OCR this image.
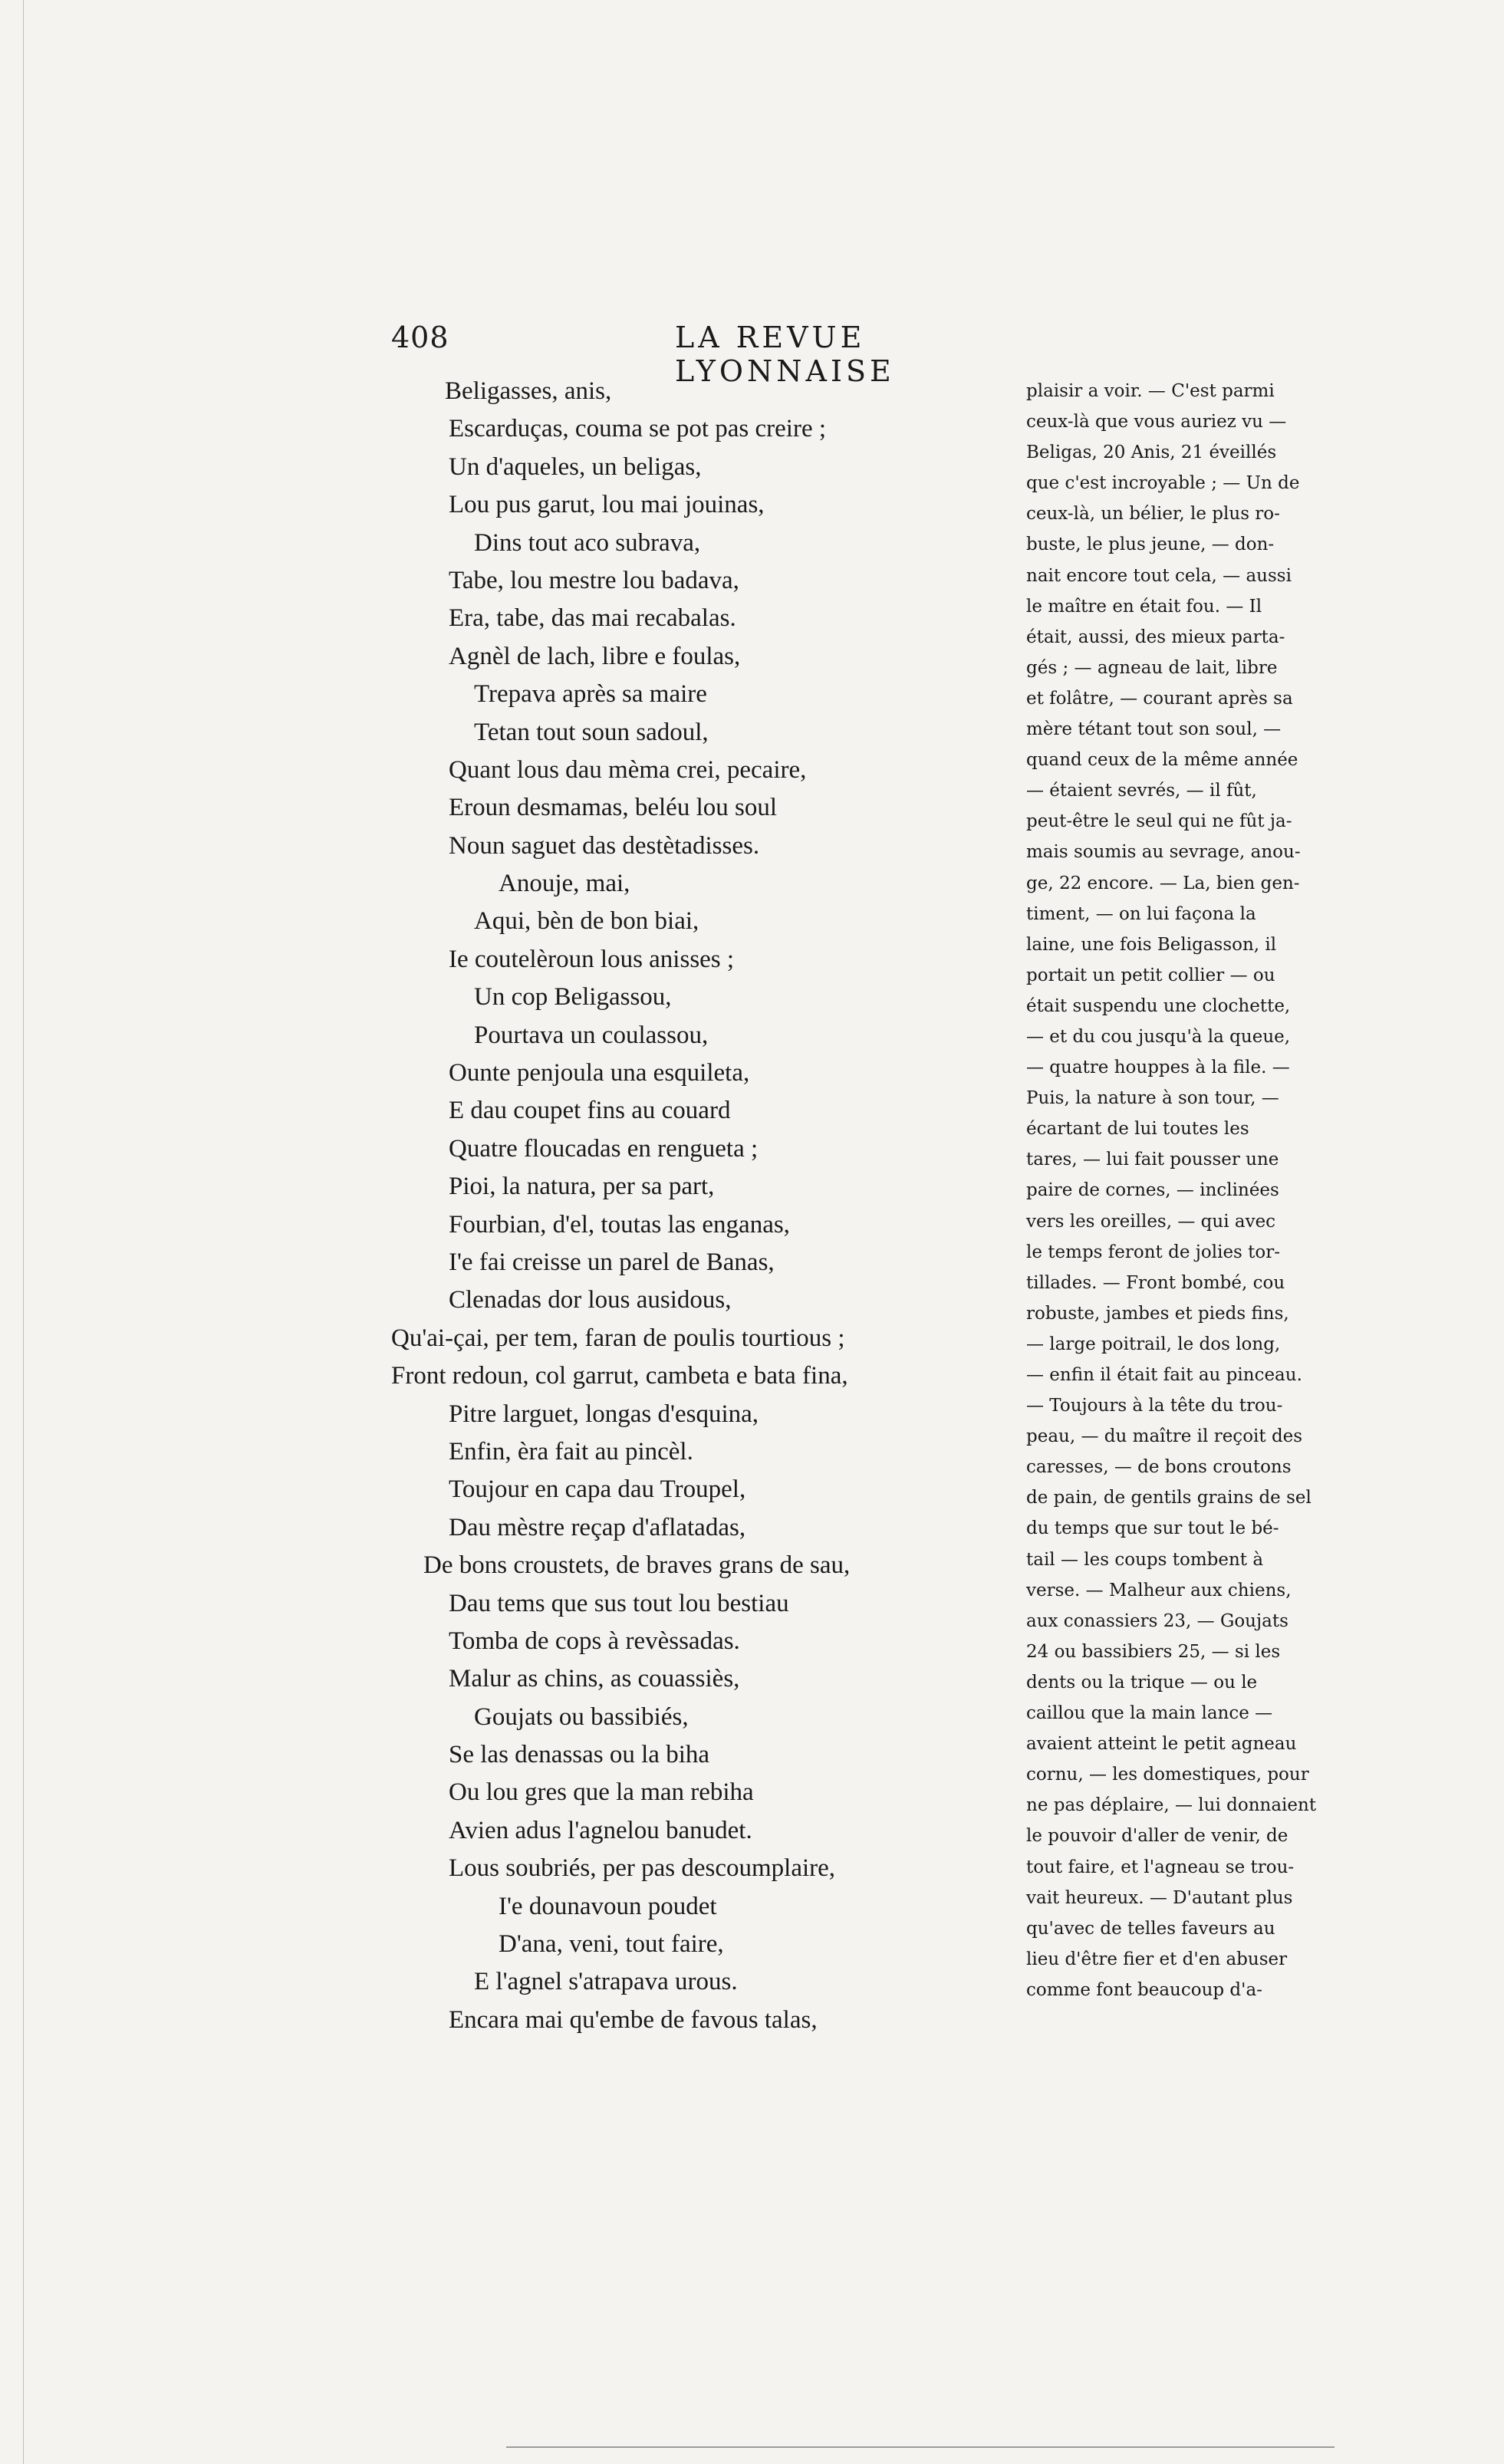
408	LA REVUE LYONNAISE
Beligasses, anis,
Escarduças, couma se pot pas creire ;
Un d'aqueles, un beligas,
Lou pus garut, lou mai jouinas,
Dins tout aco subrava,
Tabe, lou mestre lou badava,
Era, tabe, das mai recabalas.
Agnèl de lach, libre e foulas,
Trepava après sa maire
Tetan tout soun sadoul,
Quant lous dau mèma crei, pecaire,
Eroun desmamas, beléu lou soul
Noun saguet das destètadisses.
Anouje, mai,
Aqui, bèn de bon biai,
Ie coutelèroun lous anisses ;
Un cop Beligassou,
Pourtava un coulassou,
Ounte penjoula una esquileta,
E dau coupet fins au couard
Quatre floucadas en rengueta ;
Pioi, la natura, per sa part,
Fourbian, d'el, toutas las enganas,
I'e fai creisse un parel de Banas,
Clenadas dor lous ausidous,
Qu'ai-çai, per tem, faran de poulis tourtious ;
Front redoun, col garrut, cambeta e bata fina,
Pitre larguet, longas d'esquina,
Enfin, èra fait au pincèl.
Toujour en capa dau Troupel,
Dau mèstre reçap d'aflatadas,
De bons croustets, de braves grans de sau,
Dau tems que sus tout lou bestiau
Tomba de cops à revèssadas.
Malur as chins, as couassiès,
Goujats ou bassibiés,
Se las denassas ou la biha
Ou lou gres que la man rebiha
Avien adus l'agnelou banudet.
Lous soubriés, per pas descoumplaire,
I'e dounavoun poudet
D'ana, veni, tout faire,
E l'agnel s'atrapava urous.
Encara mai qu'embe de favous talas,
plaisir a voir. — C'est parmi
ceux-là que vous auriez vu —
Beligas, 20 Anis, 21 éveillés
que c'est incroyable ; — Un de
ceux-là, un bélier, le plus ro-
buste, le plus jeune, — don-
nait encore tout cela, — aussi
le maître en était fou. — Il
était, aussi, des mieux parta-
gés ; — agneau de lait, libre
et folâtre, — courant après sa
mère tétant tout son soul, —
quand ceux de la même année
— étaient sevrés, — il fût,
peut-être le seul qui ne fût ja-
mais soumis au sevrage, anou-
ge, 22 encore. — La, bien gen-
timent, — on lui façona la
laine, une fois Beligasson, il
portait un petit collier — ou
était suspendu une clochette,
— et du cou jusqu'à la queue,
— quatre houppes à la file. —
Puis, la nature à son tour, —
écartant de lui toutes les
tares, — lui fait pousser une
paire de cornes, — inclinées
vers les oreilles, — qui avec
le temps feront de jolies tor-
tillades. — Front bombé, cou
robuste, jambes et pieds fins,
— large poitrail, le dos long,
— enfin il était fait au pinceau.
— Toujours à la tête du trou-
peau, — du maître il reçoit des
caresses, — de bons croutons
de pain, de gentils grains de sel
du temps que sur tout le bé-
tail — les coups tombent à
verse. — Malheur aux chiens,
aux conassiers 23, — Goujats
24 ou bassibiers 25, — si les
dents ou la trique — ou le
caillou que la main lance —
avaient atteint le petit agneau
cornu, — les domestiques, pour
ne pas déplaire, — lui donnaient
le pouvoir d'aller de venir, de
tout faire, et l'agneau se trou-
vait heureux. — D'autant plus
qu'avec de telles faveurs au
lieu d'être fier et d'en abuser
comme font beaucoup d'a-
